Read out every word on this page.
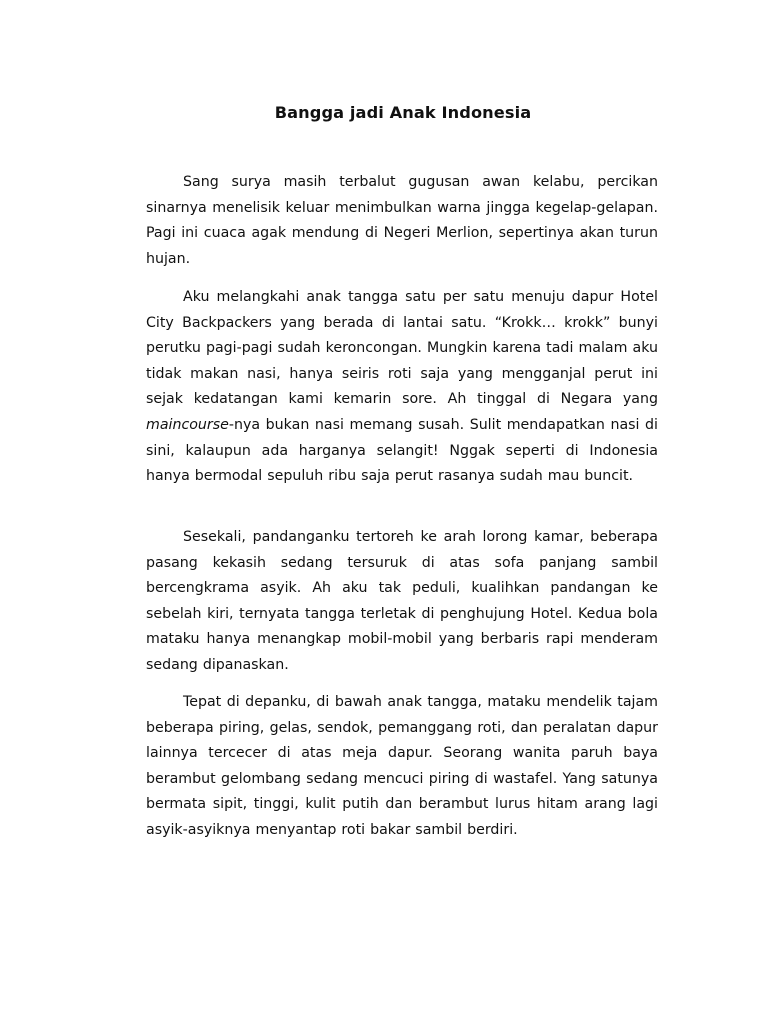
Bangga jadi Anak Indonesia

Sang surya masih terbalut gugusan awan kelabu, percikan sinarnya menelisik keluar menimbulkan warna jingga kegelap-gelapan. Pagi ini cuaca agak mendung di Negeri Merlion, sepertinya akan turun hujan.

Aku melangkahi anak tangga satu per satu menuju dapur Hotel City Backpackers yang berada di lantai satu. “Krokk… krokk” bunyi perutku pagi-pagi sudah keroncongan. Mungkin karena tadi malam aku tidak makan nasi, hanya seiris roti saja yang mengganjal perut ini sejak kedatangan kami kemarin sore. Ah tinggal di Negara yang maincourse-nya bukan nasi memang susah. Sulit mendapatkan nasi di sini, kalaupun ada harganya selangit! Nggak seperti di Indonesia hanya bermodal sepuluh ribu saja perut rasanya sudah mau buncit.

Sesekali, pandanganku tertoreh ke arah lorong kamar, beberapa pasang kekasih sedang tersuruk di atas sofa panjang sambil bercengkrama asyik. Ah aku tak peduli, kualihkan pandangan ke sebelah kiri, ternyata tangga terletak di penghujung Hotel. Kedua bola mataku hanya menangkap mobil-mobil yang berbaris rapi menderam sedang dipanaskan.

Tepat di depanku, di bawah anak tangga, mataku mendelik tajam beberapa piring, gelas, sendok, pemanggang roti, dan peralatan dapur lainnya tercecer di atas meja dapur. Seorang wanita paruh baya berambut gelombang sedang mencuci piring di wastafel. Yang satunya bermata sipit, tinggi, kulit putih dan berambut lurus hitam arang lagi asyik-asyiknya menyantap roti bakar sambil berdiri.
